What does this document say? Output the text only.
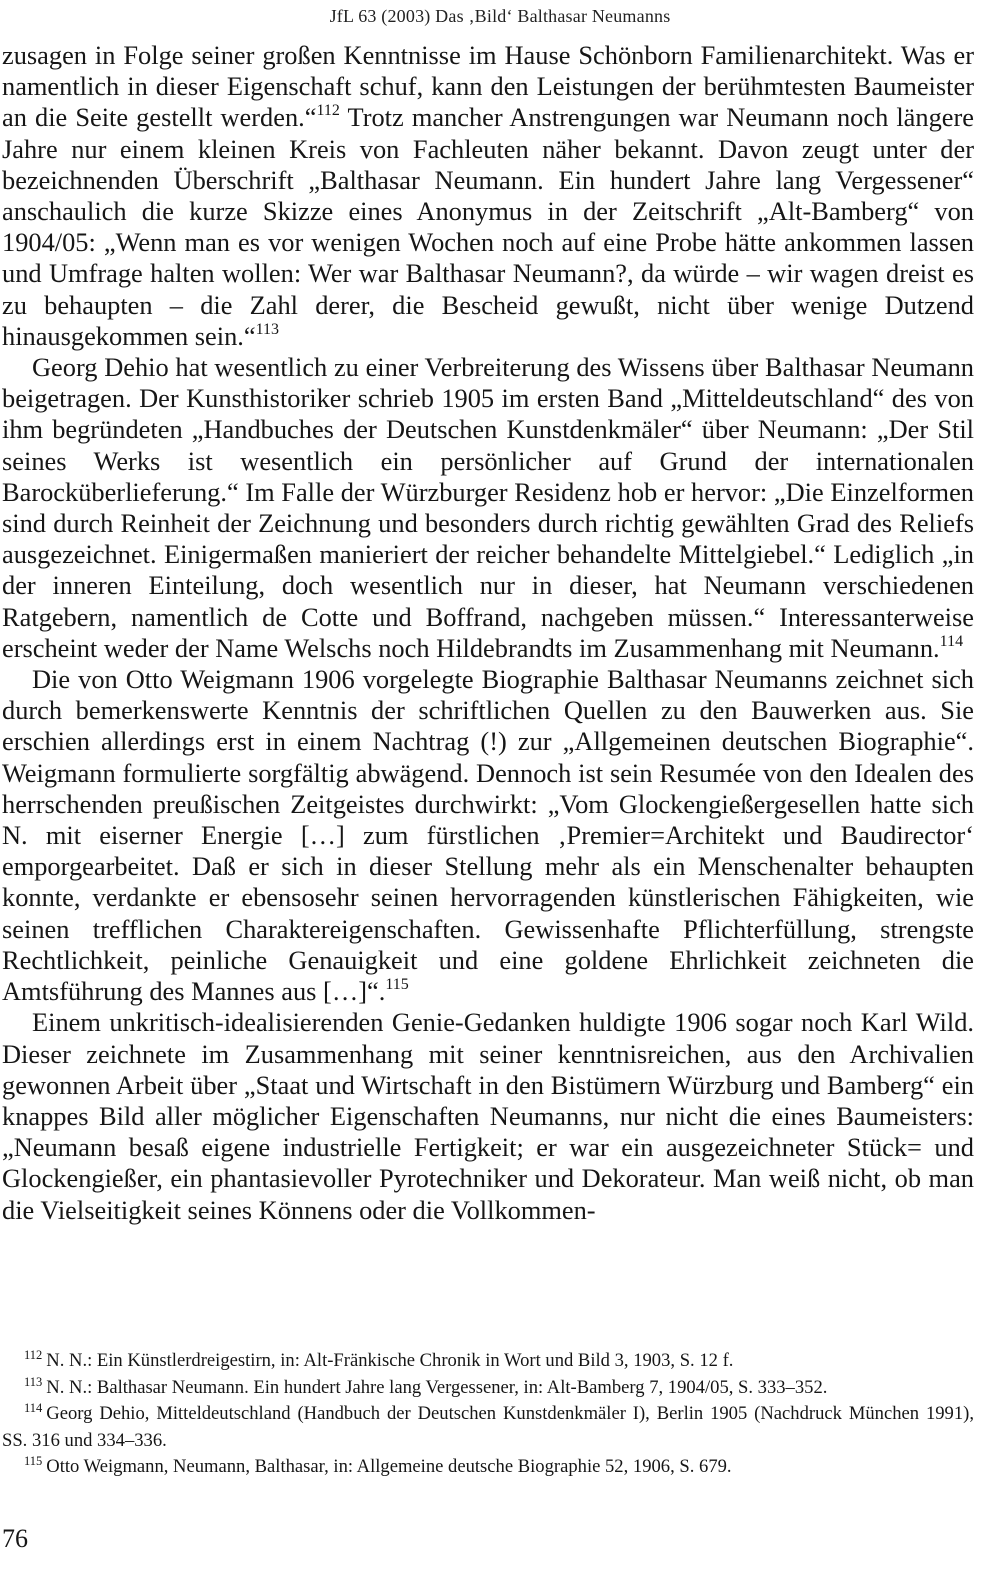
JfL 63 (2003) Das ‚Bild‘ Balthasar Neumanns

zusagen in Folge seiner großen Kenntnisse im Hause Schönborn Familienarchitekt. Was er namentlich in dieser Eigenschaft schuf, kann den Leistungen der berühmtesten Baumeister an die Seite gestellt werden.“$^{112}$ Trotz mancher Anstrengungen war Neumann noch längere Jahre nur einem kleinen Kreis von Fachleuten näher bekannt. Davon zeugt unter der bezeichnenden Überschrift „Balthasar Neumann. Ein hundert Jahre lang Vergessener“ anschaulich die kurze Skizze eines Anonymus in der Zeitschrift „Alt-Bamberg“ von 1904/05: „Wenn man es vor wenigen Wochen noch auf eine Probe hätte ankommen lassen und Umfrage halten wollen: Wer war Balthasar Neumann?, da würde – wir wagen dreist es zu behaupten – die Zahl derer, die Bescheid gewußt, nicht über wenige Dutzend hinausgekommen sein.“$^{113}$

Georg Dehio hat wesentlich zu einer Verbreiterung des Wissens über Balthasar Neumann beigetragen. Der Kunsthistoriker schrieb 1905 im ersten Band „Mitteldeutschland“ des von ihm begründeten „Handbuches der Deutschen Kunstdenkmäler“ über Neumann: „Der Stil seines Werks ist wesentlich ein persönlicher auf Grund der internationalen Barocküberlieferung.“ Im Falle der Würzburger Residenz hob er hervor: „Die Einzelformen sind durch Reinheit der Zeichnung und besonders durch richtig gewählten Grad des Reliefs ausgezeichnet. Einigermaßen manieriert der reicher behandelte Mittelgiebel.“ Lediglich „in der inneren Einteilung, doch wesentlich nur in dieser, hat Neumann verschiedenen Ratgebern, namentlich de Cotte und Boffrand, nachgeben müssen.“ Interessanterweise erscheint weder der Name Welschs noch Hildebrandts im Zusammenhang mit Neumann.$^{114}$

Die von Otto Weigmann 1906 vorgelegte Biographie Balthasar Neumanns zeichnet sich durch bemerkenswerte Kenntnis der schriftlichen Quellen zu den Bauwerken aus. Sie erschien allerdings erst in einem Nachtrag (!) zur „Allgemeinen deutschen Biographie“. Weigmann formulierte sorgfältig abwägend. Dennoch ist sein Resumée von den Idealen des herrschenden preußischen Zeitgeistes durchwirkt: „Vom Glockengießergesellen hatte sich N. mit eiserner Energie […] zum fürstlichen ‚Premier=Architekt und Baudirector‘ emporgearbeitet. Daß er sich in dieser Stellung mehr als ein Menschenalter behaupten konnte, verdankte er ebensosehr seinen hervorragenden künstlerischen Fähigkeiten, wie seinen trefflichen Charaktereigenschaften. Gewissenhafte Pflichterfüllung, strengste Rechtlichkeit, peinliche Genauigkeit und eine goldene Ehrlichkeit zeichneten die Amtsführung des Mannes aus […]“.$^{115}$

Einem unkritisch-idealisierenden Genie-Gedanken huldigte 1906 sogar noch Karl Wild. Dieser zeichnete im Zusammenhang mit seiner kenntnisreichen, aus den Archivalien gewonnen Arbeit über „Staat und Wirtschaft in den Bistümern Würzburg und Bamberg“ ein knappes Bild aller möglicher Eigenschaften Neumanns, nur nicht die eines Baumeisters: „Neumann besaß eigene industrielle Fertigkeit; er war ein ausgezeichneter Stück= und Glockengießer, ein phantasievoller Pyrotechniker und Dekorateur. Man weiß nicht, ob man die Vielseitigkeit seines Könnens oder die Vollkommen-

$^{112}$ N. N.: Ein Künstlerdreigestirn, in: Alt-Fränkische Chronik in Wort und Bild 3, 1903, S. 12 f.

$^{113}$ N. N.: Balthasar Neumann. Ein hundert Jahre lang Vergessener, in: Alt-Bamberg 7, 1904/05, S. 333–352.

$^{114}$ Georg Dehio, Mitteldeutschland (Handbuch der Deutschen Kunstdenkmäler I), Berlin 1905 (Nachdruck München 1991), SS. 316 und 334–336.

$^{115}$ Otto Weigmann, Neumann, Balthasar, in: Allgemeine deutsche Biographie 52, 1906, S. 679.

76
